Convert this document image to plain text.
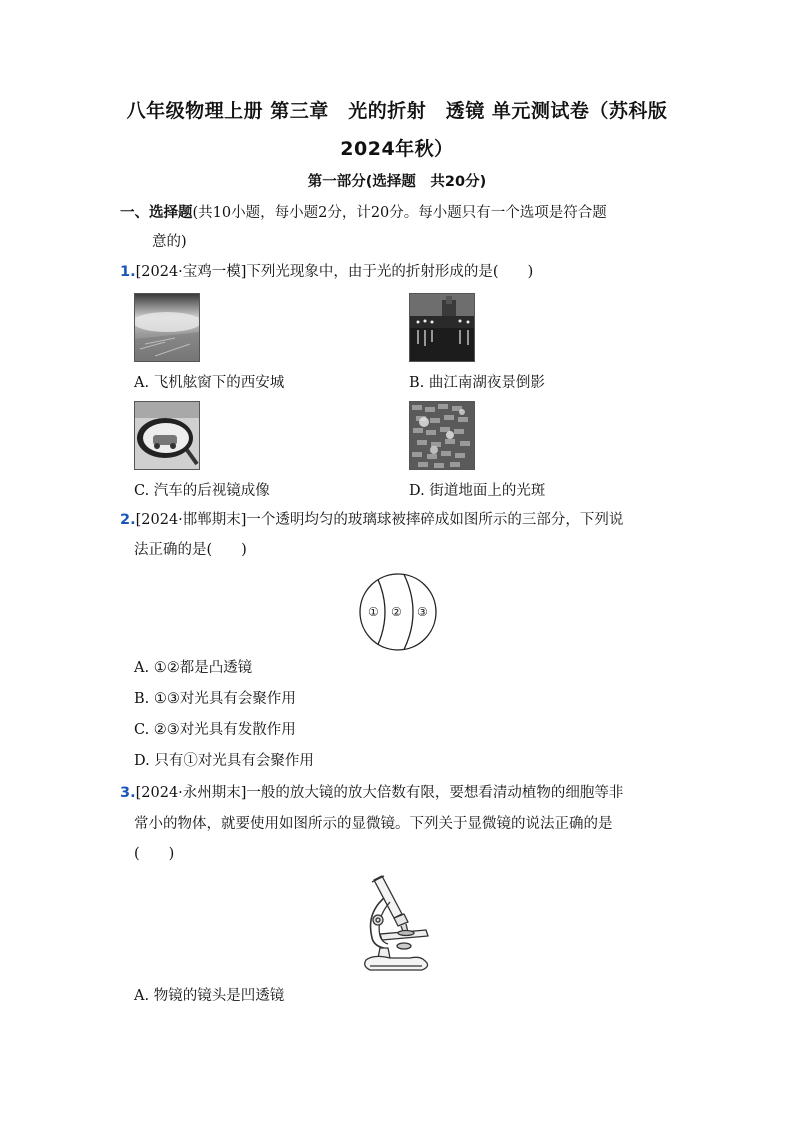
八年级物理上册 第三章　光的折射　透镜 单元测试卷（苏科版
2024年秋）
第一部分(选择题　共20分)
一、选择题(共10小题，每小题2分，计20分。每小题只有一个选项是符合题
意的)
1.[2024·宝鸡一模]下列光现象中，由于光的折射形成的是(　　)
A. 飞机舷窗下的西安城	B. 曲江南湖夜景倒影
C. 汽车的后视镜成像	D. 街道地面上的光斑
2.[2024·邯郸期末]一个透明均匀的玻璃球被摔碎成如图所示的三部分，下列说
法正确的是(　　)
① ② ③
A. ①②都是凸透镜
B. ①③对光具有会聚作用
C. ②③对光具有发散作用
D. 只有①对光具有会聚作用
3.[2024·永州期末]一般的放大镜的放大倍数有限，要想看清动植物的细胞等非
常小的物体，就要使用如图所示的显微镜。下列关于显微镜的说法正确的是
(　　)
A. 物镜的镜头是凹透镜
